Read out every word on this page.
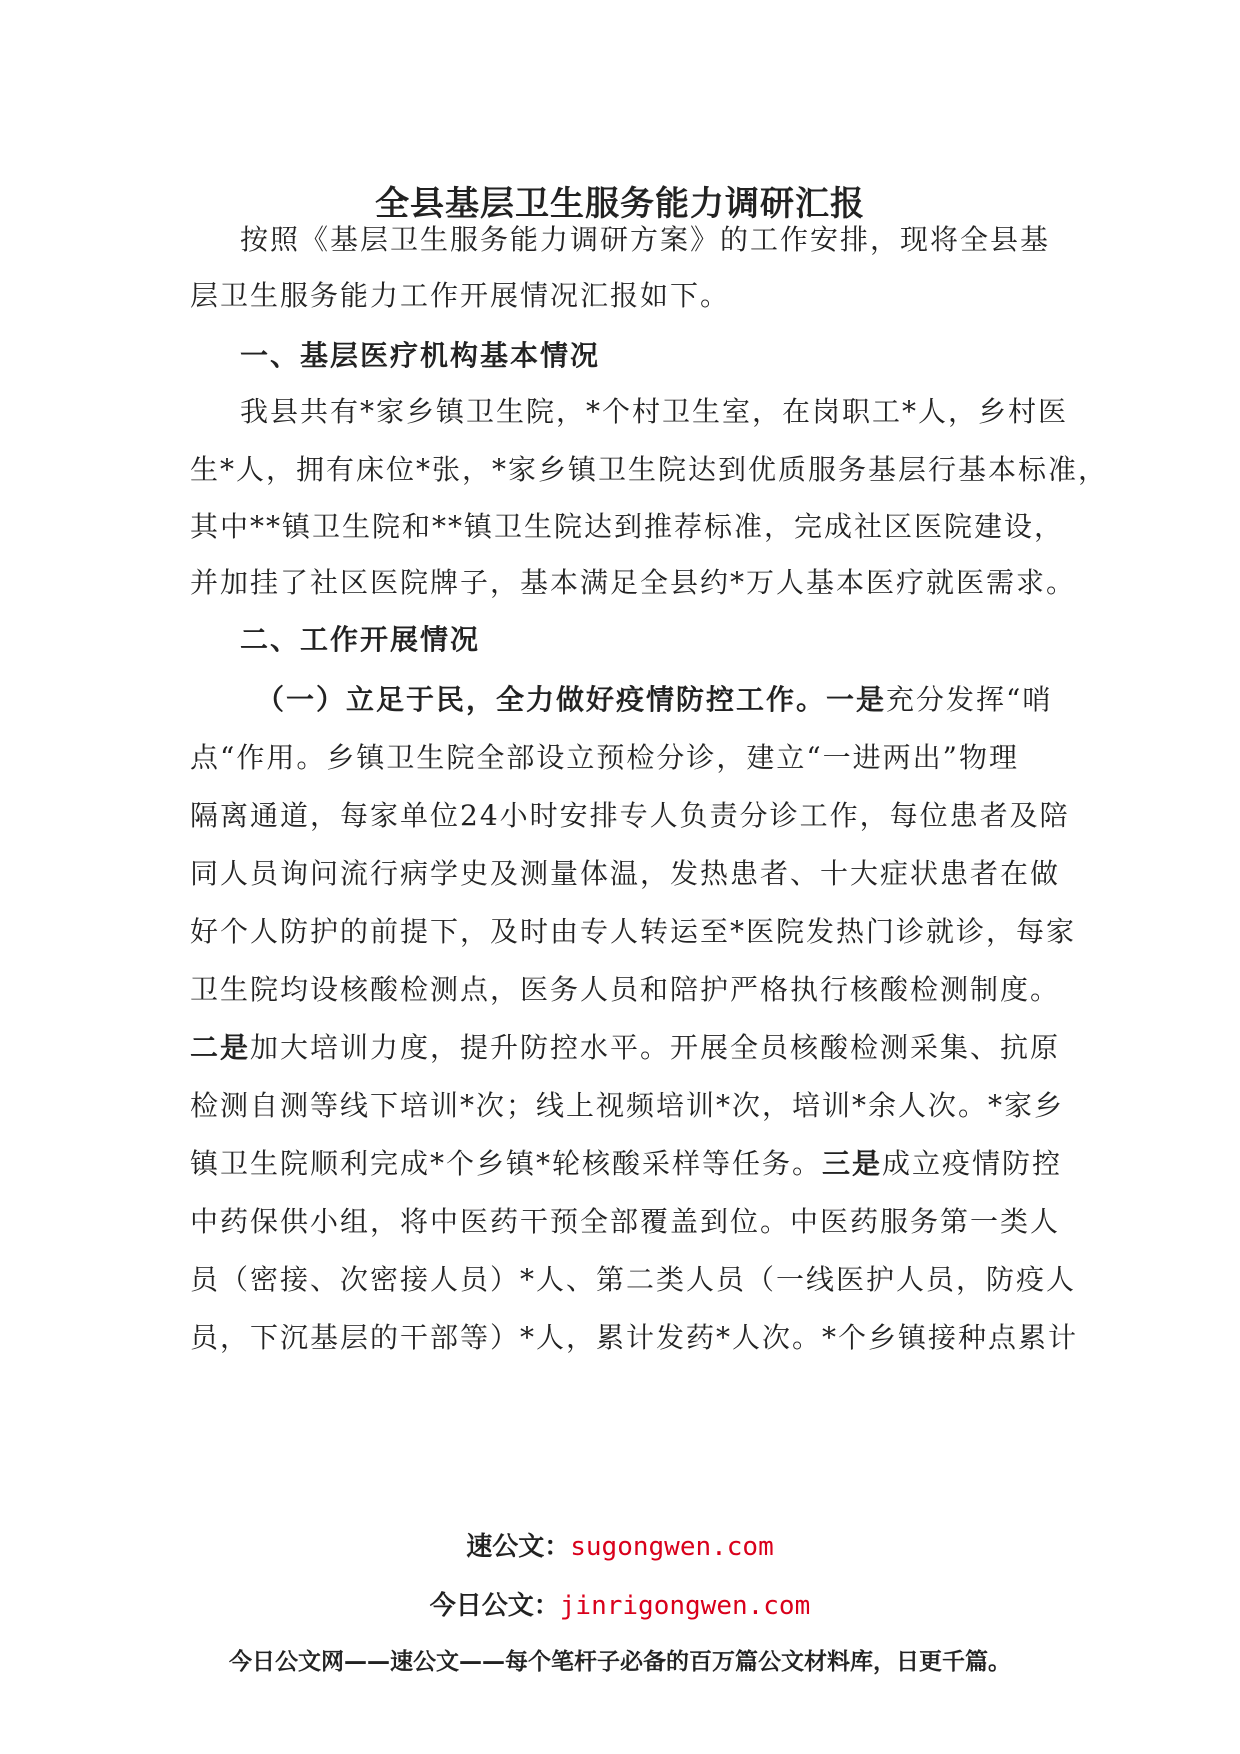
全县基层卫生服务能力调研汇报
按照《基层卫生服务能力调研方案》的工作安排，现将全县基
层卫生服务能力工作开展情况汇报如下。
一、基层医疗机构基本情况
我县共有*家乡镇卫生院，*个村卫生室，在岗职工*人，乡村医
生*人，拥有床位*张，*家乡镇卫生院达到优质服务基层行基本标准，
其中**镇卫生院和**镇卫生院达到推荐标准，完成社区医院建设，
并加挂了社区医院牌子，基本满足全县约*万人基本医疗就医需求。
二、工作开展情况
（一）立足于民，全力做好疫情防控工作。一是充分发挥“哨
点“作用。乡镇卫生院全部设立预检分诊，建立“一进两出”物理
隔离通道，每家单位24小时安排专人负责分诊工作，每位患者及陪
同人员询问流行病学史及测量体温，发热患者、十大症状患者在做
好个人防护的前提下，及时由专人转运至*医院发热门诊就诊，每家
卫生院均设核酸检测点，医务人员和陪护严格执行核酸检测制度。
二是加大培训力度，提升防控水平。开展全员核酸检测采集、抗原
检测自测等线下培训*次；线上视频培训*次，培训*余人次。*家乡
镇卫生院顺利完成*个乡镇*轮核酸采样等任务。三是成立疫情防控
中药保供小组，将中医药干预全部覆盖到位。中医药服务第一类人
员（密接、次密接人员）*人、第二类人员（一线医护人员，防疫人
员，下沉基层的干部等）*人，累计发药*人次。*个乡镇接种点累计
速公文：sugongwen.com
今日公文：jinrigongwen.com
今日公文网——速公文——每个笔杆子必备的百万篇公文材料库，日更千篇。
